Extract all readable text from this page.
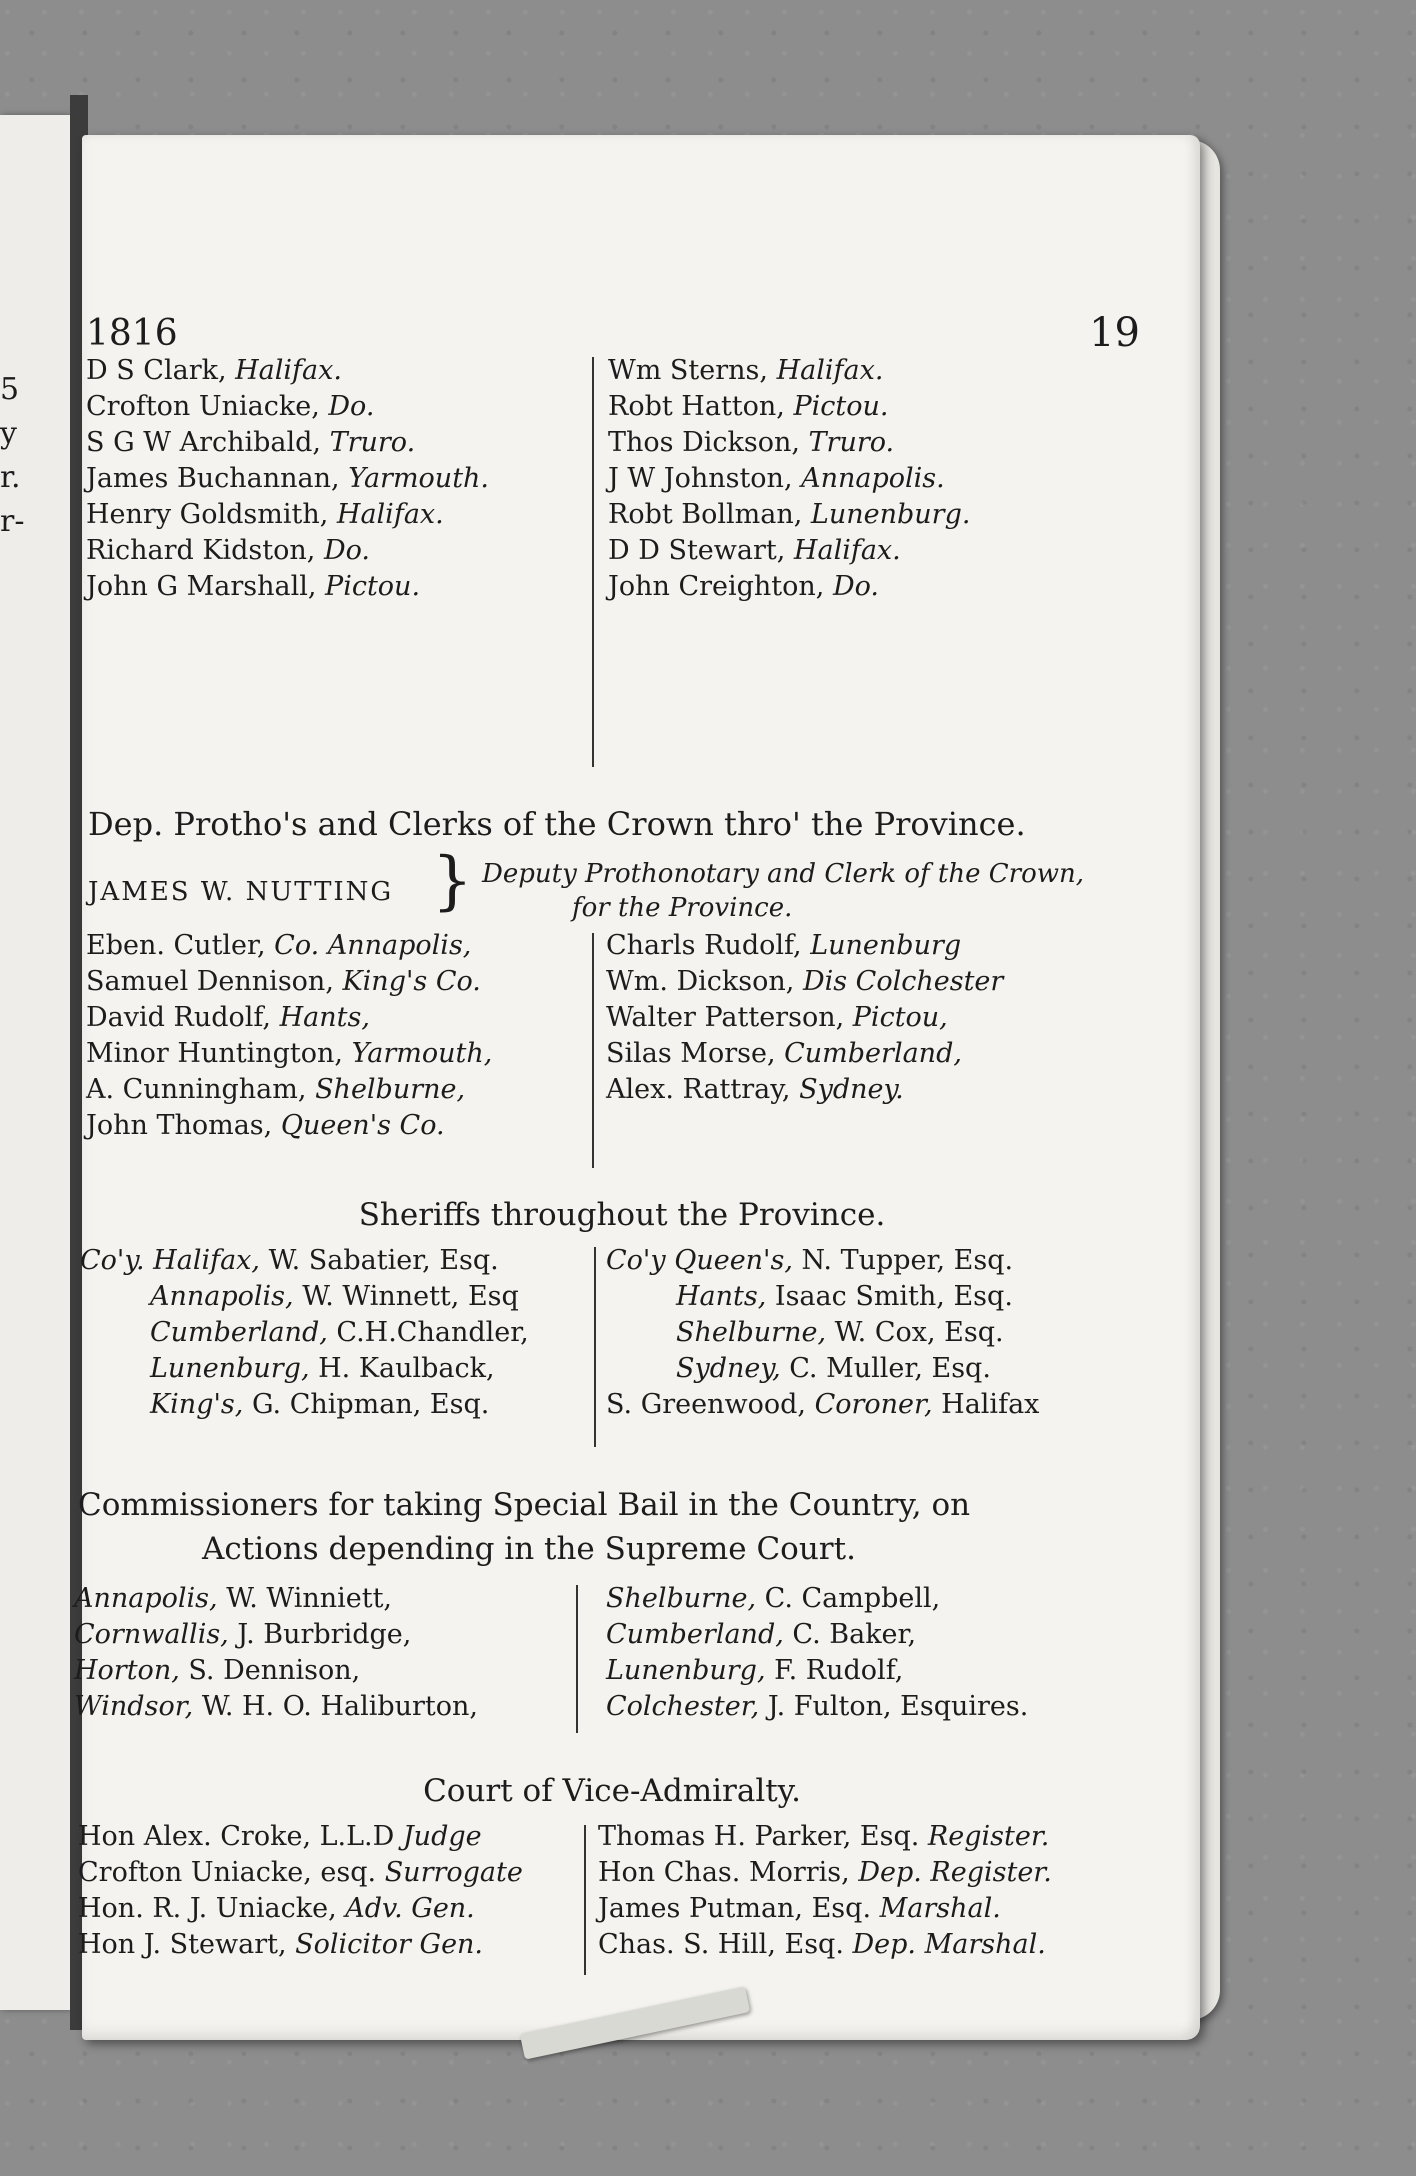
5
y
r.
r-
1816	19
D S Clark, Halifax.
Crofton Uniacke, Do.
S G W Archibald, Truro.
James Buchannan, Yarmouth.
Henry Goldsmith, Halifax.
Richard Kidston, Do.
John G Marshall, Pictou.
Wm Sterns, Halifax.
Robt Hatton, Pictou.
Thos Dickson, Truro.
J W Johnston, Annapolis.
Robt Bollman, Lunenburg.
D D Stewart, Halifax.
John Creighton, Do.
Dep. Protho's and Clerks of the Crown thro' the Province.
JAMES W. NUTTING } Deputy Prothonotary and Clerk of the Crown,
for the Province.
Eben. Cutler, Co. Annapolis,
Samuel Dennison, King's Co.
David Rudolf, Hants,
Minor Huntington, Yarmouth,
A. Cunningham, Shelburne,
John Thomas, Queen's Co.
Charls Rudolf, Lunenburg
Wm. Dickson, Dis Colchester
Walter Patterson, Pictou,
Silas Morse, Cumberland,
Alex. Rattray, Sydney.
Sheriffs throughout the Province.
Co'y. Halifax, W. Sabatier, Esq.
Annapolis, W. Winnett, Esq
Cumberland, C.H.Chandler,
Lunenburg, H. Kaulback,
King's, G. Chipman, Esq.
Co'y Queen's, N. Tupper, Esq.
Hants, Isaac Smith, Esq.
Shelburne, W. Cox, Esq.
Sydney, C. Muller, Esq.
S. Greenwood, Coroner, Halifax
Commissioners for taking Special Bail in the Country, on
Actions depending in the Supreme Court.
Annapolis, W. Winniett,
Cornwallis, J. Burbridge,
Horton, S. Dennison,
Windsor, W. H. O. Haliburton,
Shelburne, C. Campbell,
Cumberland, C. Baker,
Lunenburg, F. Rudolf,
Colchester, J. Fulton, Esquires.
Court of Vice-Admiralty.
Hon Alex. Croke, L.L.D Judge
Crofton Uniacke, esq. Surrogate
Hon. R. J. Uniacke, Adv. Gen.
Hon J. Stewart, Solicitor Gen.
Thomas H. Parker, Esq. Register.
Hon Chas. Morris, Dep. Register.
James Putman, Esq. Marshal.
Chas. S. Hill, Esq. Dep. Marshal.
